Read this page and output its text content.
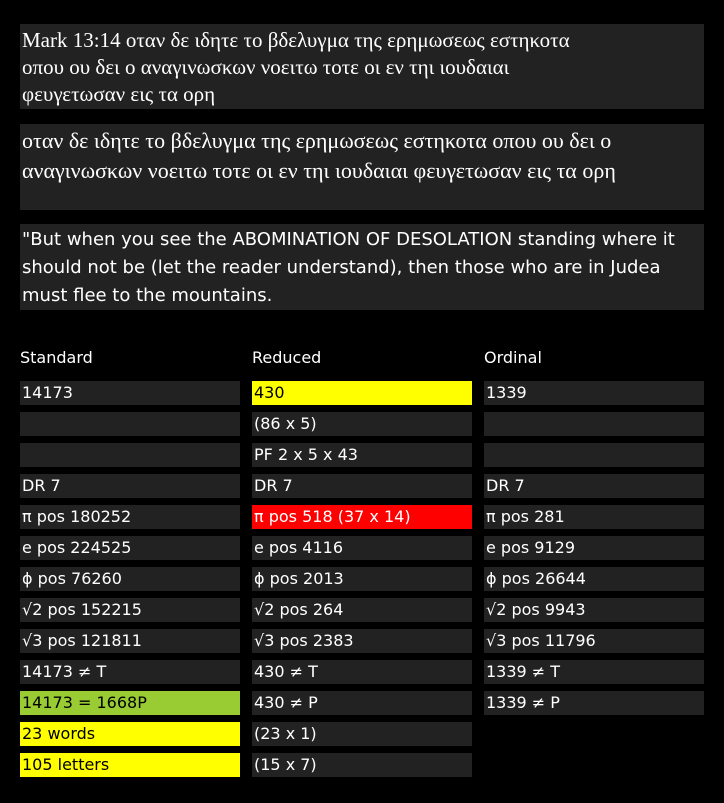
Mark 13:14 οταν δε ιδητε το βδελυγμα της ερημωσεως εστηκοτα
οπου ου δει ο αναγινωσκων νοειτω τοτε οι εν τηι ιουδαιαι
φευγετωσαν εις τα ορη
οταν δε ιδητε το βδελυγμα της ερημωσεως εστηκοτα οπου ου δει ο
αναγινωσκων νοειτω τοτε οι εν τηι ιουδαιαι φευγετωσαν εις τα ορη
"But when you see the ABOMINATION OF DESOLATION standing where it
should not be (let the reader understand), then those who are in Judea
must flee to the mountains.
Standard
14173
DR 7
π pos 180252
e pos 224525
ϕ pos 76260
√2 pos 152215
√3 pos 121811
14173 ≠ T
14173 = 1668P
23 words
105 letters
Reduced
430
(86 x 5)
PF 2 x 5 x 43
DR 7
π pos 518 (37 x 14)
e pos 4116
ϕ pos 2013
√2 pos 264
√3 pos 2383
430 ≠ T
430 ≠ P
(23 x 1)
(15 x 7)
Ordinal
1339
DR 7
π pos 281
e pos 9129
ϕ pos 26644
√2 pos 9943
√3 pos 11796
1339 ≠ T
1339 ≠ P
